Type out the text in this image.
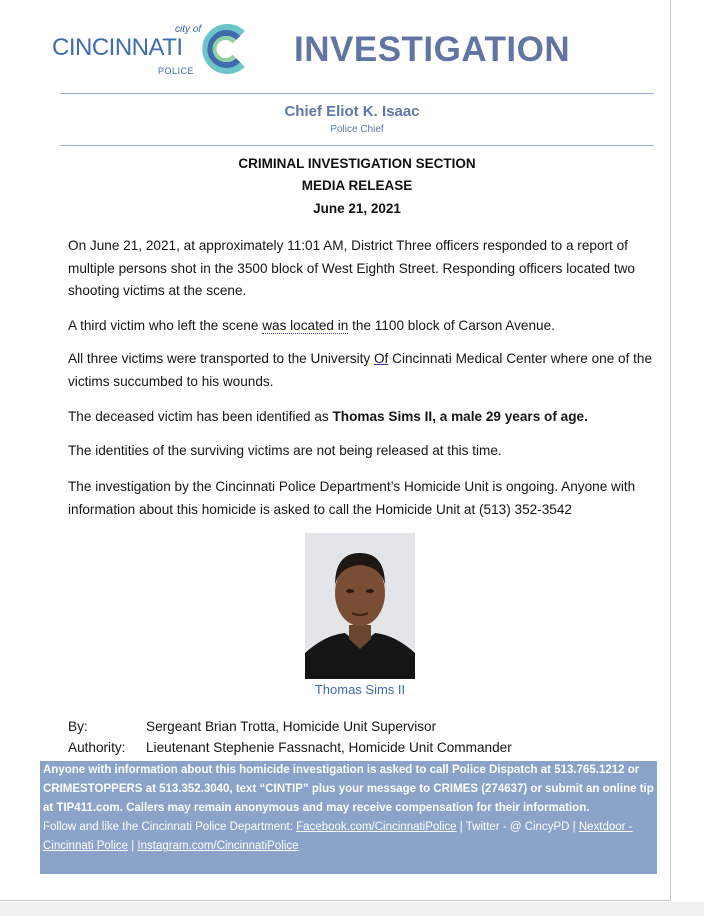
city of
CINCINNATI
POLICE
INVESTIGATION
Chief Eliot K. Isaac
Police Chief
CRIMINAL INVESTIGATION SECTION
MEDIA RELEASE
June 21, 2021
On June 21, 2021, at approximately 11:01 AM, District Three officers responded to a report of multiple persons shot in the 3500 block of West Eighth Street. Responding officers located two shooting victims at the scene.
A third victim who left the scene was located in the 1100 block of Carson Avenue.
All three victims were transported to the University Of Cincinnati Medical Center where one of the victims succumbed to his wounds.
The deceased victim has been identified as Thomas Sims II, a male 29 years of age.
The identities of the surviving victims are not being released at this time.
The investigation by the Cincinnati Police Department’s Homicide Unit is ongoing. Anyone with information about this homicide is asked to call the Homicide Unit at (513) 352-3542
Thomas Sims II
By:	Sergeant Brian Trotta, Homicide Unit Supervisor
Authority: Lieutenant Stephenie Fassnacht, Homicide Unit Commander
Anyone with information about this homicide investigation is asked to call Police Dispatch at 513.765.1212 or CRIMESTOPPERS at 513.352.3040, text “CINTIP” plus your message to CRIMES (274637) or submit an online tip at TIP411.com. Callers may remain anonymous and may receive compensation for their information.
Follow and like the Cincinnati Police Department: Facebook.com/CincinnatiPolice | Twitter - @ CincyPD | Nextdoor - Cincinnati Police | Instagram.com/CincinnatiPolice
